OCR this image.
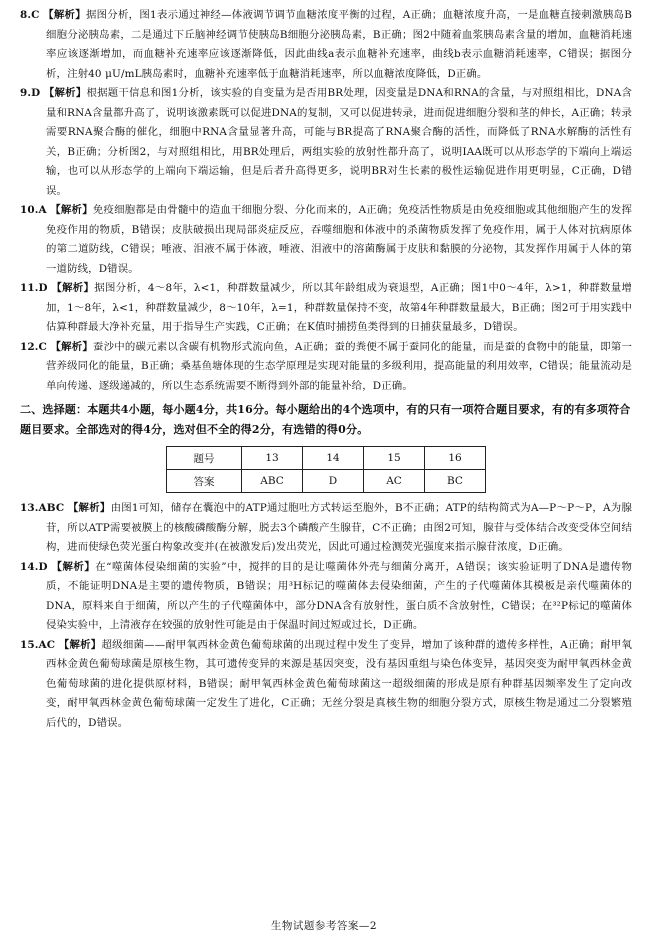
8.C 【解析】据图分析，图1表示通过神经—体液调节调节血糖浓度平衡的过程，A正确；血糖浓度升高，一是血糖直接刺激胰岛B细胞分泌胰岛素，二是通过下丘脑神经调节使胰岛B细胞分泌胰岛素，B正确；图2中随着血浆胰岛素含量的增加，血糖消耗速率应该逐渐增加，而血糖补充速率应该逐渐降低，因此曲线a表示血糖补充速率，曲线b表示血糖消耗速率，C错误；据图分析，注射40 μU/mL胰岛素时，血糖补充速率低于血糖消耗速率，所以血糖浓度降低，D正确。

9.D 【解析】根据题干信息和图1分析，该实验的自变量为是否用BR处理，因变量是DNA和RNA的含量，与对照组相比，DNA含量和RNA含量都升高了，说明该激素既可以促进DNA的复制，又可以促进转录，进而促进细胞分裂和茎的伸长，A正确；转录需要RNA聚合酶的催化，细胞中RNA含量显著升高，可能与BR提高了RNA聚合酶的活性，而降低了RNA水解酶的活性有关，B正确；分析图2，与对照组相比，用BR处理后，两组实验的放射性都升高了，说明IAA既可以从形态学的下端向上端运输，也可以从形态学的上端向下端运输，但是后者升高得更多，说明BR对生长素的极性运输促进作用更明显，C正确，D错误。

10.A 【解析】免疫细胞都是由骨髓中的造血干细胞分裂、分化而来的，A正确；免疫活性物质是由免疫细胞或其他细胞产生的发挥免疫作用的物质，B错误；皮肤破损出现局部炎症反应，吞噬细胞和体液中的杀菌物质发挥了免疫作用，属于人体对抗病原体的第二道防线，C错误；唾液、泪液不属于体液，唾液、泪液中的溶菌酶属于皮肤和黏膜的分泌物，其发挥作用属于人体的第一道防线，D错误。

11.D 【解析】据图分析，4～8年，λ<1，种群数量减少，所以其年龄组成为衰退型，A正确；图1中0～4年，λ>1，种群数量增加，1～8年，λ<1，种群数量减少，8～10年，λ=1，种群数量保持不变，故第4年种群数量最大，B正确；图2可于用实践中估算种群最大净补充量，用于指导生产实践，C正确；在K值时捕捞鱼类得到的日捕获量最多，D错误。

12.C 【解析】蚕沙中的碳元素以含碳有机物形式流向鱼，A正确；蚕的粪便不属于蚕同化的能量，而是蚕的食物中的能量，即第一营养级同化的能量，B正确；桑基鱼塘体现的生态学原理是实现对能量的多级利用，提高能量的利用效率，C错误；能量流动是单向传递、逐级递减的，所以生态系统需要不断得到外部的能量补给，D正确。

二、选择题：本题共4小题，每小题4分，共16分。每小题给出的4个选项中，有的只有一项符合题目要求，有的有多项符合题目要求。全部选对的得4分，选对但不全的得2分，有选错的得0分。

题号	13	14	15	16
答案	ABC	D	AC	BC

13.ABC 【解析】由图1可知，储存在囊泡中的ATP通过胞吐方式转运至胞外，B不正确；ATP的结构简式为A—P～P～P，A为腺苷，所以ATP需要被膜上的核酸磷酸酶分解，脱去3个磷酸产生腺苷，C不正确；由图2可知，腺苷与受体结合改变受体空间结构，进而使绿色荧光蛋白构象改变并(在被激发后)发出荧光，因此可通过检测荧光强度来指示腺苷浓度，D正确。

14.D 【解析】在“噬菌体侵染细菌的实验”中，搅拌的目的是让噬菌体外壳与细菌分离开，A错误；该实验证明了DNA是遗传物质，不能证明DNA是主要的遗传物质，B错误；用³H标记的噬菌体去侵染细菌，产生的子代噬菌体其模板是亲代噬菌体的DNA，原料来自于细菌，所以产生的子代噬菌体中，部分DNA含有放射性，蛋白质不含放射性，C错误；在³²P标记的噬菌体侵染实验中，上清液存在较强的放射性可能是由于保温时间过短或过长，D正确。

15.AC 【解析】超级细菌——耐甲氧西林金黄色葡萄球菌的出现过程中发生了变异，增加了该种群的遗传多样性，A正确；耐甲氧西林金黄色葡萄球菌是原核生物，其可遗传变异的来源是基因突变，没有基因重组与染色体变异，基因突变为耐甲氧西林金黄色葡萄球菌的进化提供原材料，B错误；耐甲氧西林金黄色葡萄球菌这一超级细菌的形成是原有种群基因频率发生了定向改变，耐甲氧西林金黄色葡萄球菌一定发生了进化，C正确；无丝分裂是真核生物的细胞分裂方式，原核生物是通过二分裂繁殖后代的，D错误。

生物试题参考答案—2
